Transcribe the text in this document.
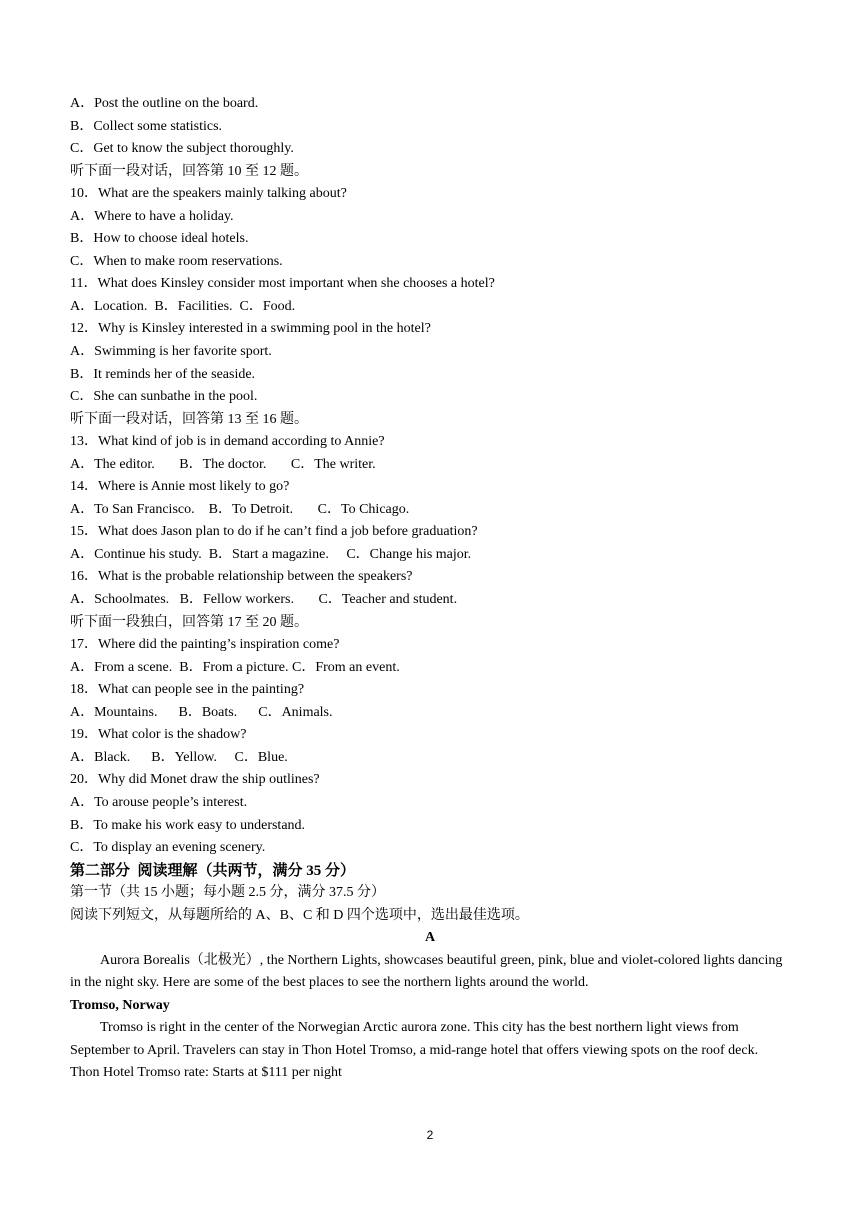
A．Post the outline on the board.
B．Collect some statistics.
C．Get to know the subject thoroughly.
听下面一段对话，回答第 10 至 12 题。
10．What are the speakers mainly talking about?
A．Where to have a holiday.
B．How to choose ideal hotels.
C．When to make room reservations.
11．What does Kinsley consider most important when she chooses a hotel?
A．Location.  B．Facilities.  C．Food.
12．Why is Kinsley interested in a swimming pool in the hotel?
A．Swimming is her favorite sport.
B．It reminds her of the seaside.
C．She can sunbathe in the pool.
听下面一段对话，回答第 13 至 16 题。
13．What kind of job is in demand according to Annie?
A．The editor.       B．The doctor.       C．The writer.
14．Where is Annie most likely to go?
A．To San Francisco.    B．To Detroit.       C．To Chicago.
15．What does Jason plan to do if he can’t find a job before graduation?
A．Continue his study.  B．Start a magazine.     C．Change his major.
16．What is the probable relationship between the speakers?
A．Schoolmates.   B．Fellow workers.       C．Teacher and student.
听下面一段独白，回答第 17 至 20 题。
17．Where did the painting’s inspiration come?
A．From a scene.  B．From a picture. C．From an event.
18．What can people see in the painting?
A．Mountains.      B．Boats.      C．Animals.
19．What color is the shadow?
A．Black.      B．Yellow.     C．Blue.
20．Why did Monet draw the ship outlines?
A．To arouse people’s interest.
B．To make his work easy to understand.
C．To display an evening scenery.
第二部分  阅读理解（共两节，满分 35 分）
第一节（共 15 小题；每小题 2.5 分，满分 37.5 分）
阅读下列短文，从每题所给的 A、B、C 和 D 四个选项中，选出最佳选项。
A

Aurora Borealis（北极光）, the Northern Lights, showcases beautiful green, pink, blue and violet-colored lights dancing in the night sky. Here are some of the best places to see the northern lights around the world.

Tromso, Norway

Tromso is right in the center of the Norwegian Arctic aurora zone. This city has the best northern light views from September to April. Travelers can stay in Thon Hotel Tromso, a mid-range hotel that offers viewing spots on the roof deck.

Thon Hotel Tromso rate: Starts at $111 per night
2
